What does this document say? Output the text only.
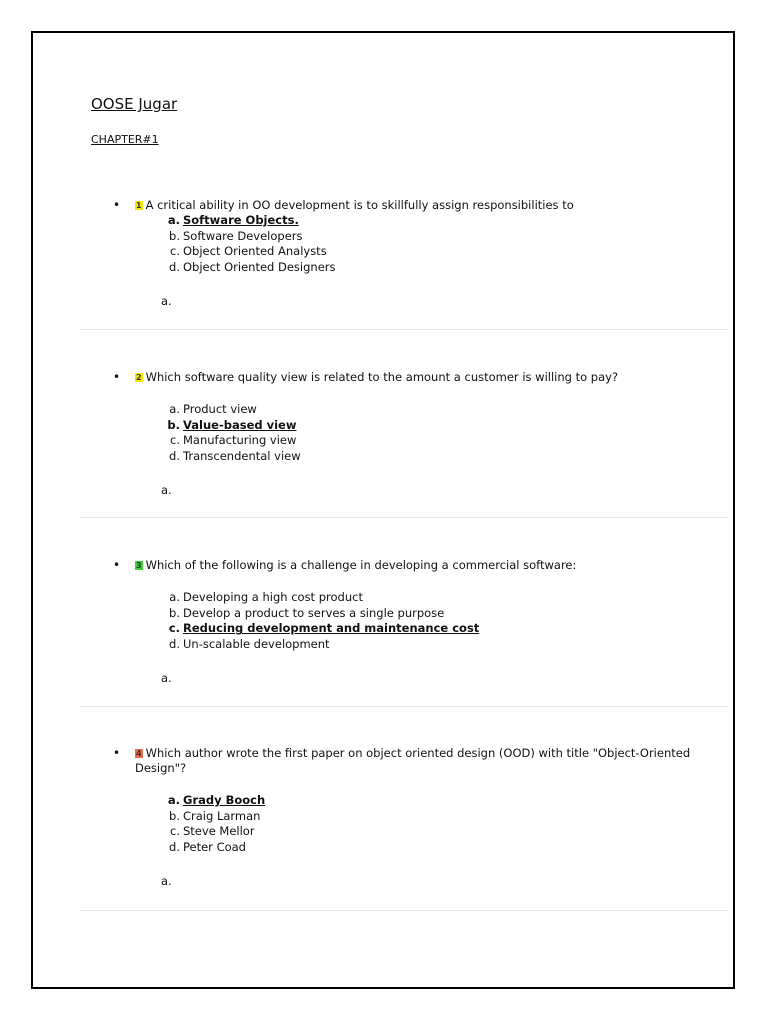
OOSE Jugar
CHAPTER#1
• 1 A critical ability in OO development is to skillfully assign responsibilities to
a. Software Objects.
b. Software Developers
c. Object Oriented Analysts
d. Object Oriented Designers
a.
• 2 Which software quality view is related to the amount a customer is willing to pay?
a. Product view
b. Value-based view
c. Manufacturing view
d. Transcendental view
a.
• 3 Which of the following is a challenge in developing a commercial software:
a. Developing a high cost product
b. Develop a product to serves a single purpose
c. Reducing development and maintenance cost
d. Un-scalable development
a.
• 4 Which author wrote the first paper on object oriented design (OOD) with title "Object-Oriented Design"?
a. Grady Booch
b. Craig Larman
c. Steve Mellor
d. Peter Coad
a.
